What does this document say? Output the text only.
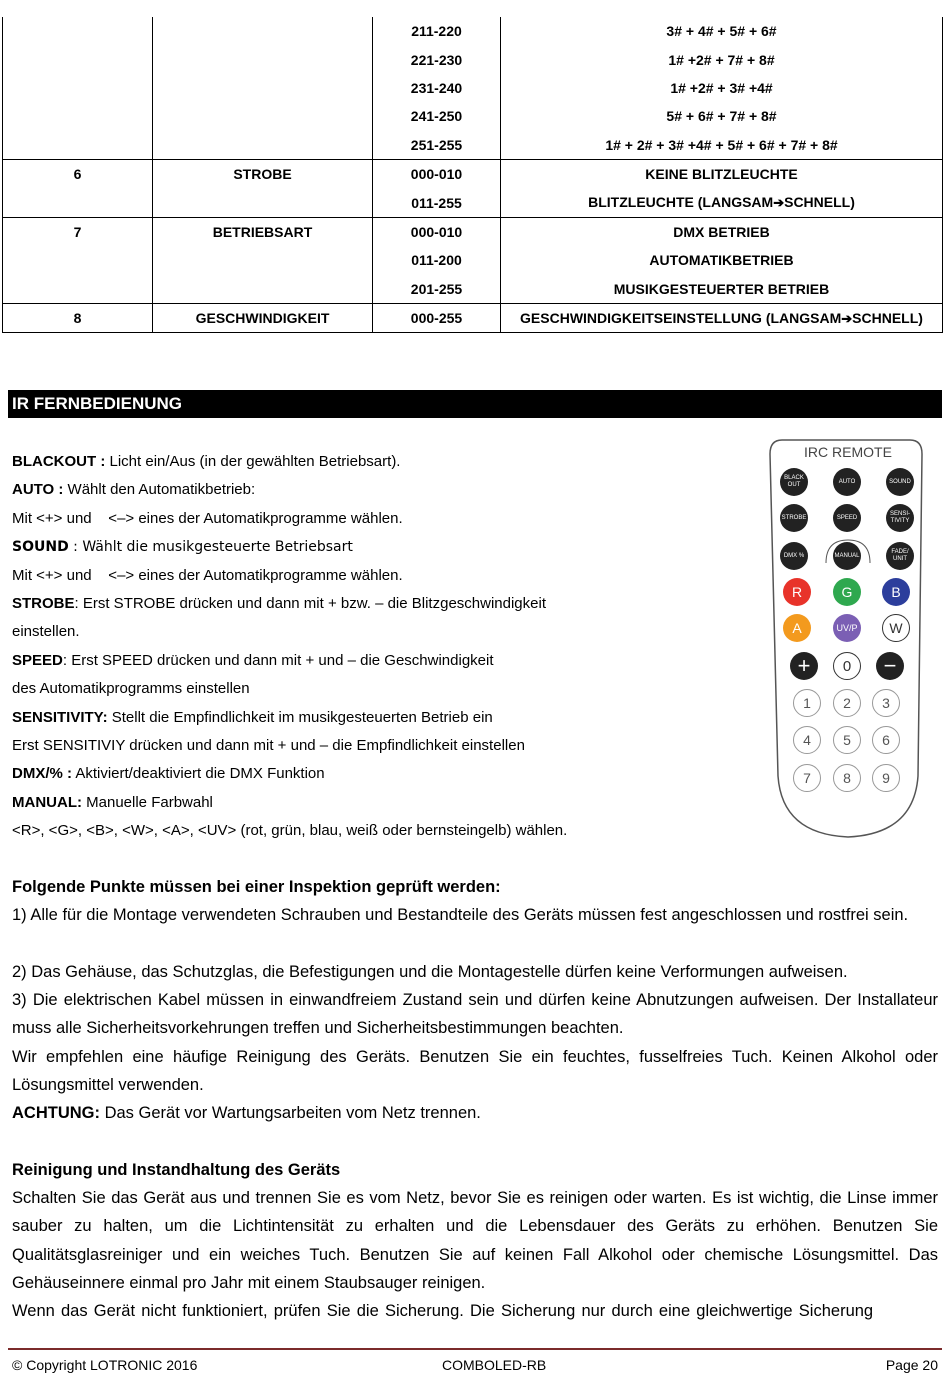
		211-220	3# + 4# + 5# + 6#
		221-230	1# +2# + 7# + 8#
		231-240	1# +2# + 3# +4#
		241-250	5# + 6# + 7# + 8#
		251-255	1# + 2# + 3# +4# + 5# + 6# + 7# + 8#
6	STROBE	000-010	KEINE BLITZLEUCHTE
		011-255	BLITZLEUCHTE (LANGSAM➔SCHNELL)
7	BETRIEBSART	000-010	DMX BETRIEB
		011-200	AUTOMATIKBETRIEB
		201-255	MUSIKGESTEUERTER BETRIEB
8	GESCHWINDIGKEIT	000-255	GESCHWINDIGKEITSEINSTELLUNG (LANGSAM➔SCHNELL)
IR FERNBEDIENUNG
BLACKOUT : Licht ein/Aus (in der gewählten Betriebsart).
AUTO : Wählt den Automatikbetrieb:
Mit <+> und    <–> eines der Automatikprogramme wählen.
SOUND : Wählt die musikgesteuerte Betriebsart
Mit <+> und    <–> eines der Automatikprogramme wählen.
STROBE: Erst STROBE drücken und dann mit + bzw. – die Blitzgeschwindigkeit
einstellen.
SPEED: Erst SPEED drücken und dann mit + und – die Geschwindigkeit
des Automatikprogramms einstellen
SENSITIVITY: Stellt die Empfindlichkeit im musikgesteuerten Betrieb ein
Erst SENSITIVIY drücken und dann mit + und – die Empfindlichkeit einstellen
DMX/% : Aktiviert/deaktiviert die DMX Funktion
MANUAL: Manuelle Farbwahl
<R>, <G>, <B>, <W>, <A>, <UV> (rot, grün, blau, weiß oder bernsteingelb) wählen.
IRC REMOTE
BLACK OUT
AUTO	SOUND
STROBE	SPEED
SENSI- TIVITY
DMX %	MANUAL
FADE/ UNIT
R	G	B
A	UV/P	W
+	0	−
1	2	3
4	5	6
7	8	9
Folgende Punkte müssen bei einer Inspektion geprüft werden:
1) Alle für die Montage verwendeten Schrauben und Bestandteile des Geräts müssen fest angeschlossen und rostfrei sein.
2) Das Gehäuse, das Schutzglas, die Befestigungen und die Montagestelle dürfen keine Verformungen aufweisen.
3) Die elektrischen Kabel müssen in einwandfreiem Zustand sein und dürfen keine Abnutzungen aufweisen. Der Installateur muss alle Sicherheitsvorkehrungen treffen und Sicherheitsbestimmungen beachten.
Wir empfehlen eine häufige Reinigung des Geräts. Benutzen Sie ein feuchtes, fusselfreies Tuch. Keinen Alkohol oder Lösungsmittel verwenden.
ACHTUNG: Das Gerät vor Wartungsarbeiten vom Netz trennen.
Reinigung und Instandhaltung des Geräts
Schalten Sie das Gerät aus und trennen Sie es vom Netz, bevor Sie es reinigen oder warten. Es ist wichtig, die Linse immer sauber zu halten, um die Lichtintensität zu erhalten und die Lebensdauer des Geräts zu erhöhen. Benutzen Sie Qualitätsglasreiniger und ein weiches Tuch. Benutzen Sie auf keinen Fall Alkohol oder chemische Lösungsmittel. Das Gehäuseinnere einmal pro Jahr mit einem Staubsauger reinigen.
Wenn das Gerät nicht funktioniert, prüfen Sie die Sicherung. Die Sicherung nur durch eine gleichwertige Sicherung
© Copyright LOTRONIC 2016	COMBOLED-RB	Page 20
